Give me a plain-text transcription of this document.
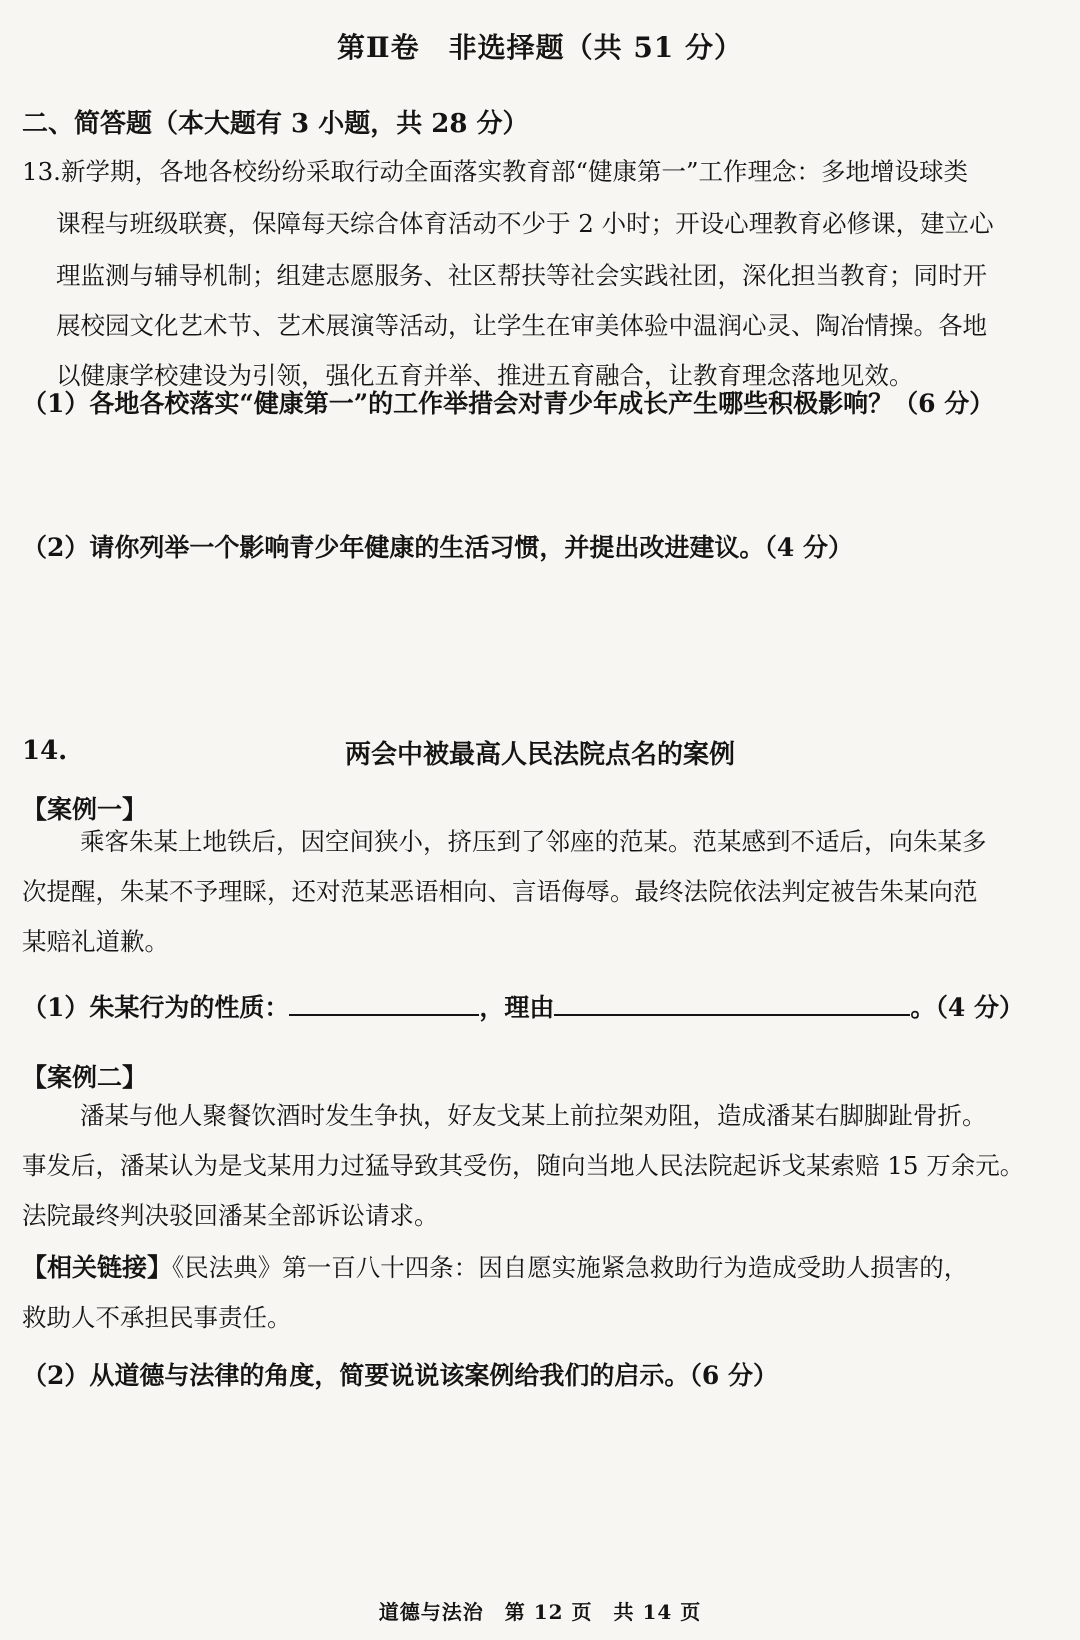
第Ⅱ卷　非选择题（共 51 分）
二、简答题（本大题有 3 小题，共 28 分）
13.新学期，各地各校纷纷采取行动全面落实教育部“健康第一”工作理念：多地增设球类
课程与班级联赛，保障每天综合体育活动不少于 2 小时；开设心理教育必修课，建立心
理监测与辅导机制；组建志愿服务、社区帮扶等社会实践社团，深化担当教育；同时开
展校园文化艺术节、艺术展演等活动，让学生在审美体验中温润心灵、陶冶情操。各地
以健康学校建设为引领，强化五育并举、推进五育融合，让教育理念落地见效。
（1）各地各校落实“健康第一”的工作举措会对青少年成长产生哪些积极影响？（6 分）
（2）请你列举一个影响青少年健康的生活习惯，并提出改进建议。（4 分）
14.	两会中被最高人民法院点名的案例
【案例一】
乘客朱某上地铁后，因空间狭小，挤压到了邻座的范某。范某感到不适后，向朱某多
次提醒，朱某不予理睬，还对范某恶语相向、言语侮辱。最终法院依法判定被告朱某向范
某赔礼道歉。
（1）朱某行为的性质：	，理由	。（4 分）
【案例二】
潘某与他人聚餐饮酒时发生争执，好友戈某上前拉架劝阻，造成潘某右脚脚趾骨折。
事发后，潘某认为是戈某用力过猛导致其受伤，随向当地人民法院起诉戈某索赔 15 万余元。
法院最终判决驳回潘某全部诉讼请求。
【相关链接】《民法典》第一百八十四条：因自愿实施紧急救助行为造成受助人损害的，
救助人不承担民事责任。
（2）从道德与法律的角度，简要说说该案例给我们的启示。（6 分）
道德与法治　第 12 页　共 14 页
